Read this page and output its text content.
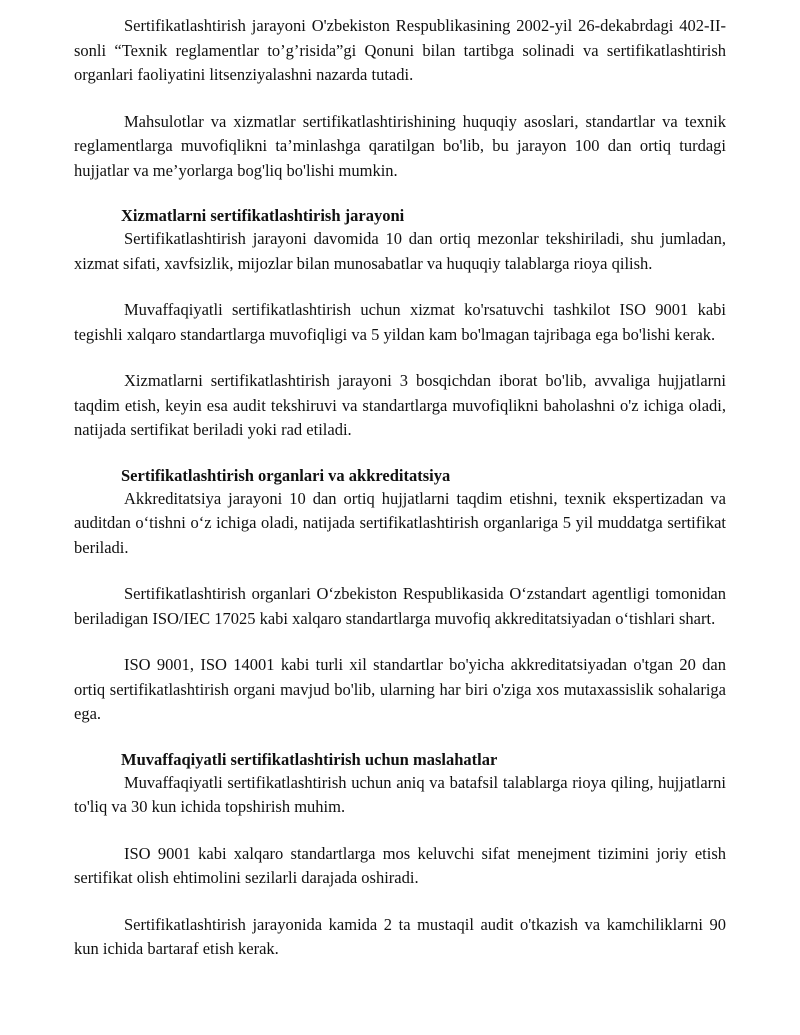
Sertifikatlashtirish jarayoni O'zbekiston Respublikasining 2002-yil 26-dekabrdagi 402-II-sonli “Texnik reglamentlar to’g’risida”gi Qonuni bilan tartibga solinadi va sertifikatlashtirish organlari faoliyatini litsenziyalashni nazarda tutadi.

Mahsulotlar va xizmatlar sertifikatlashtirishining huquqiy asoslari, standartlar va texnik reglamentlarga muvofiqlikni ta’minlashga qaratilgan bo'lib, bu jarayon 100 dan ortiq turdagi hujjatlar va me’yorlarga bog'liq bo'lishi mumkin.

Xizmatlarni sertifikatlashtirish jarayoni

Sertifikatlashtirish jarayoni davomida 10 dan ortiq mezonlar tekshiriladi, shu jumladan, xizmat sifati, xavfsizlik, mijozlar bilan munosabatlar va huquqiy talablarga rioya qilish.

Muvaffaqiyatli sertifikatlashtirish uchun xizmat ko'rsatuvchi tashkilot ISO 9001 kabi tegishli xalqaro standartlarga muvofiqligi va 5 yildan kam bo'lmagan tajribaga ega bo'lishi kerak.

Xizmatlarni sertifikatlashtirish jarayoni 3 bosqichdan iborat bo'lib, avvaliga hujjatlarni taqdim etish, keyin esa audit tekshiruvi va standartlarga muvofiqlikni baholashni o'z ichiga oladi, natijada sertifikat beriladi yoki rad etiladi.

Sertifikatlashtirish organlari va akkreditatsiya

Akkreditatsiya jarayoni 10 dan ortiq hujjatlarni taqdim etishni, texnik ekspertizadan va auditdan o‘tishni o‘z ichiga oladi, natijada sertifikatlashtirish organlariga 5 yil muddatga sertifikat beriladi.

Sertifikatlashtirish organlari O‘zbekiston Respublikasida O‘zstandart agentligi tomonidan beriladigan ISO/IEC 17025 kabi xalqaro standartlarga muvofiq akkreditatsiyadan o‘tishlari shart.

ISO 9001, ISO 14001 kabi turli xil standartlar bo'yicha akkreditatsiyadan o'tgan 20 dan ortiq sertifikatlashtirish organi mavjud bo'lib, ularning har biri o'ziga xos mutaxassislik sohalariga ega.

Muvaffaqiyatli sertifikatlashtirish uchun maslahatlar

Muvaffaqiyatli sertifikatlashtirish uchun aniq va batafsil talablarga rioya qiling, hujjatlarni to'liq va 30 kun ichida topshirish muhim.

ISO 9001 kabi xalqaro standartlarga mos keluvchi sifat menejment tizimini joriy etish sertifikat olish ehtimolini sezilarli darajada oshiradi.

Sertifikatlashtirish jarayonida kamida 2 ta mustaqil audit o'tkazish va kamchiliklarni 90 kun ichida bartaraf etish kerak.
